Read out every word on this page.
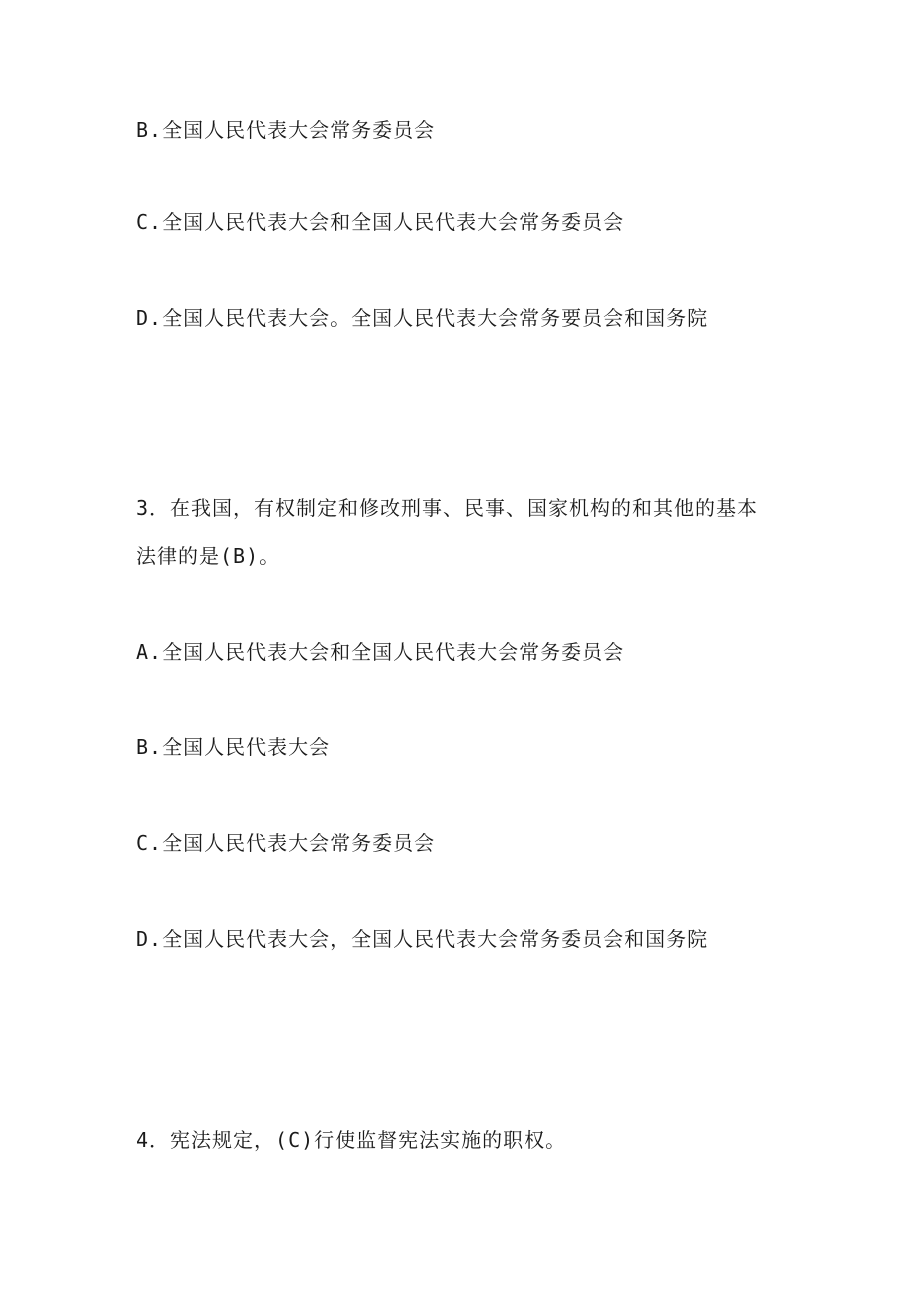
B.全国人民代表大会常务委员会
C.全国人民代表大会和全国人民代表大会常务委员会
D.全国人民代表大会。全国人民代表大会常务要员会和国务院
3．在我国，有权制定和修改刑事、民事、国家机构的和其他的基本
法律的是(B)。
A.全国人民代表大会和全国人民代表大会常务委员会
B.全国人民代表大会
C.全国人民代表大会常务委员会
D.全国人民代表大会，全国人民代表大会常务委员会和国务院
4．宪法规定，(C)行使监督宪法实施的职权。
